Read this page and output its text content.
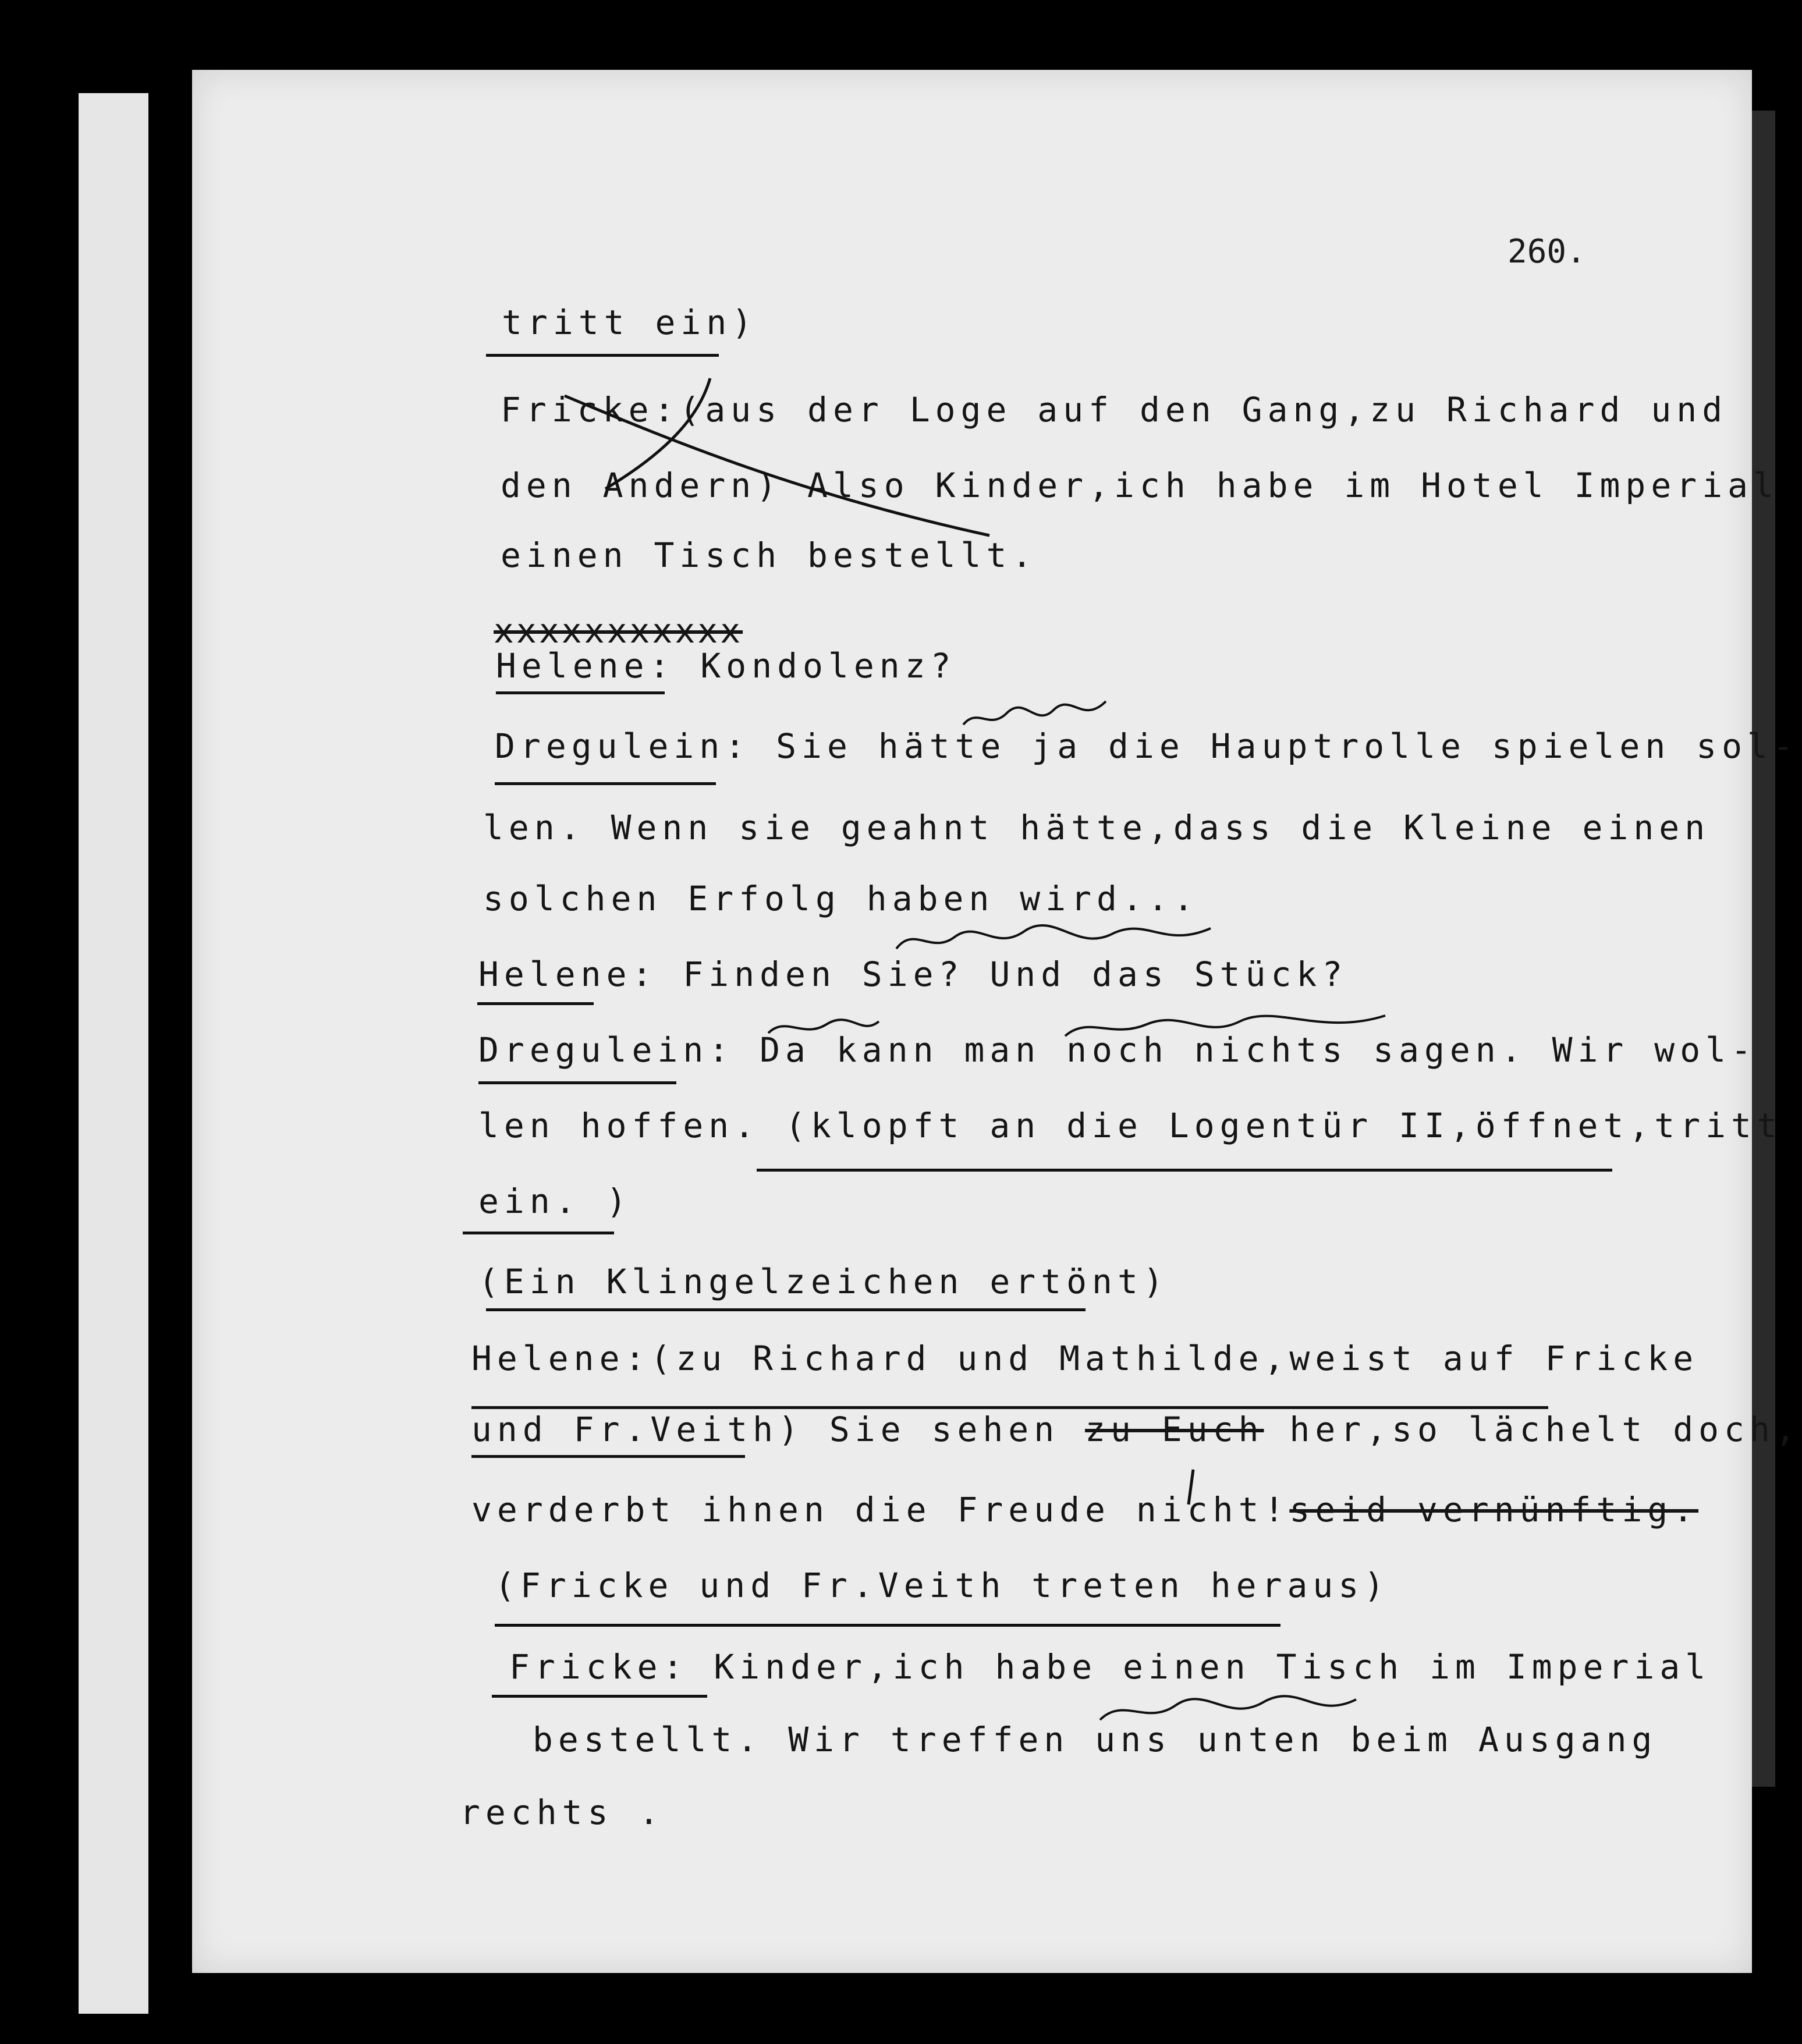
260.
tritt ein)
Fricke:(aus der Loge auf den Gang,zu Richard und
den Andern) Also Kinder,ich habe im Hotel Imperial
einen Tisch bestellt.
xxxxxxxxxxx
Helene: Kondolenz?
Dregulein: Sie hätte ja die Hauptrolle spielen sol-
len. Wenn sie geahnt hätte,dass die Kleine einen
solchen Erfolg haben wird...
Helene: Finden Sie? Und das Stück?
Dregulein: Da kann man noch nichts sagen. Wir wol-
len hoffen. (klopft an die Logentür II,öffnet,tritt
ein. )
(Ein Klingelzeichen ertönt)
Helene:(zu Richard und Mathilde,weist auf Fricke
und Fr.Veith) Sie sehen zu Euch her,so lächelt doch,
verderbt ihnen die Freude nicht!seid vernünftig.
(Fricke und Fr.Veith treten heraus)
Fricke: Kinder,ich habe einen Tisch im Imperial
bestellt. Wir treffen uns unten beim Ausgang
rechts .
